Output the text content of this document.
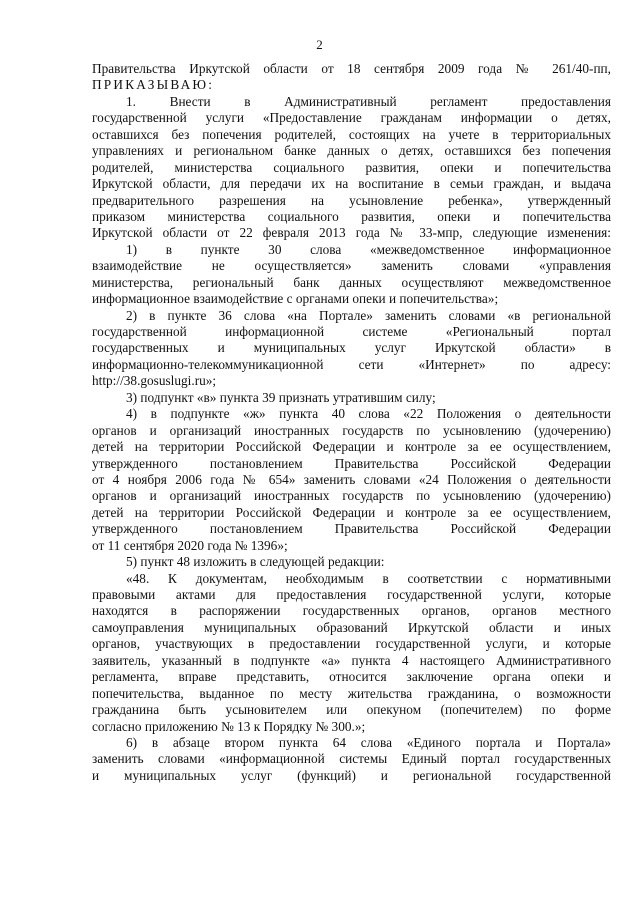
2
Правительства Иркутской области от 18 сентября 2009 года № 261/40-пп,
ПРИКАЗЫВАЮ:
1. Внести в Административный регламент предоставления
государственной услуги «Предоставление гражданам информации о детях,
оставшихся без попечения родителей, состоящих на учете в территориальных
управлениях и региональном банке данных о детях, оставшихся без попечения
родителей, министерства социального развития, опеки и попечительства
Иркутской области, для передачи их на воспитание в семьи граждан, и выдача
предварительного разрешения на усыновление ребенка», утвержденный
приказом министерства социального развития, опеки и попечительства
Иркутской области от 22 февраля 2013 года № 33-мпр, следующие изменения:
1) в пункте 30 слова «межведомственное информационное
взаимодействие не осуществляется» заменить словами «управления
министерства, региональный банк данных осуществляют межведомственное
информационное взаимодействие с органами опеки и попечительства»;
2) в пункте 36 слова «на Портале» заменить словами «в региональной
государственной информационной системе «Региональный портал
государственных и муниципальных услуг Иркутской области» в
информационно-телекоммуникационной сети «Интернет» по адресу:
http://38.gosuslugi.ru»;
3) подпункт «в» пункта 39 признать утратившим силу;
4) в подпункте «ж» пункта 40 слова «22 Положения о деятельности
органов и организаций иностранных государств по усыновлению (удочерению)
детей на территории Российской Федерации и контроле за ее осуществлением,
утвержденного постановлением Правительства Российской Федерации
от 4 ноября 2006 года № 654» заменить словами «24 Положения о деятельности
органов и организаций иностранных государств по усыновлению (удочерению)
детей на территории Российской Федерации и контроле за ее осуществлением,
утвержденного постановлением Правительства Российской Федерации
от 11 сентября 2020 года № 1396»;
5) пункт 48 изложить в следующей редакции:
«48. К документам, необходимым в соответствии с нормативными
правовыми актами для предоставления государственной услуги, которые
находятся в распоряжении государственных органов, органов местного
самоуправления муниципальных образований Иркутской области и иных
органов, участвующих в предоставлении государственной услуги, и которые
заявитель, указанный в подпункте «а» пункта 4 настоящего Административного
регламента, вправе представить, относится заключение органа опеки и
попечительства, выданное по месту жительства гражданина, о возможности
гражданина быть усыновителем или опекуном (попечителем) по форме
согласно приложению № 13 к Порядку № 300.»;
6) в абзаце втором пункта 64 слова «Единого портала и Портала»
заменить словами «информационной системы Единый портал государственных
и муниципальных услуг (функций) и региональной государственной
